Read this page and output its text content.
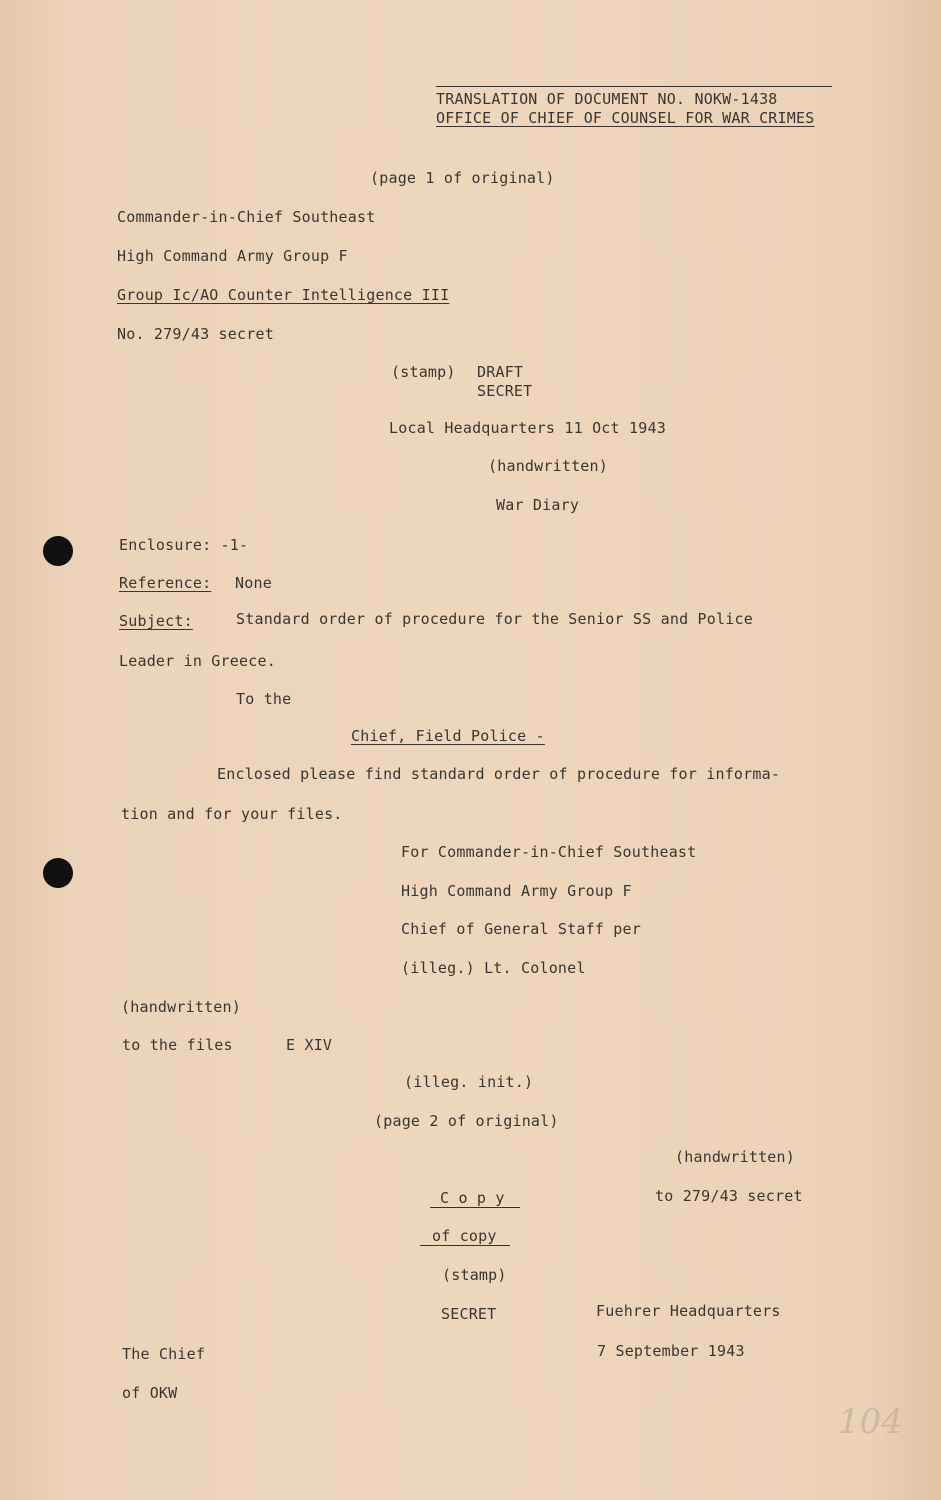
TRANSLATION OF DOCUMENT NO. NOKW-1438
OFFICE OF CHIEF OF COUNSEL FOR WAR CRIMES
(page 1 of original)
Commander-in-Chief Southeast
High Command Army Group F
Group Ic/AO Counter Intelligence III
No. 279/43 secret
(stamp) DRAFT
SECRET
Local Headquarters 11 Oct 1943
(handwritten)
War Diary
Enclosure: -1-
Reference: None
Subject:	Standard order of procedure for the Senior SS and Police
Leader in Greece.
To the
Chief, Field Police -
Enclosed please find standard order of procedure for informa-
tion and for your files.
For Commander-in-Chief Southeast
High Command Army Group F
Chief of General Staff per
(illeg.) Lt. Colonel
(handwritten)
to the files	E XIV
(illeg. init.)
(page 2 of original)
(handwritten)
to 279/43 secret
C o p y
of copy
(stamp)
SECRET	Fuehrer Headquarters
7 September 1943
The Chief
of OKW
104
